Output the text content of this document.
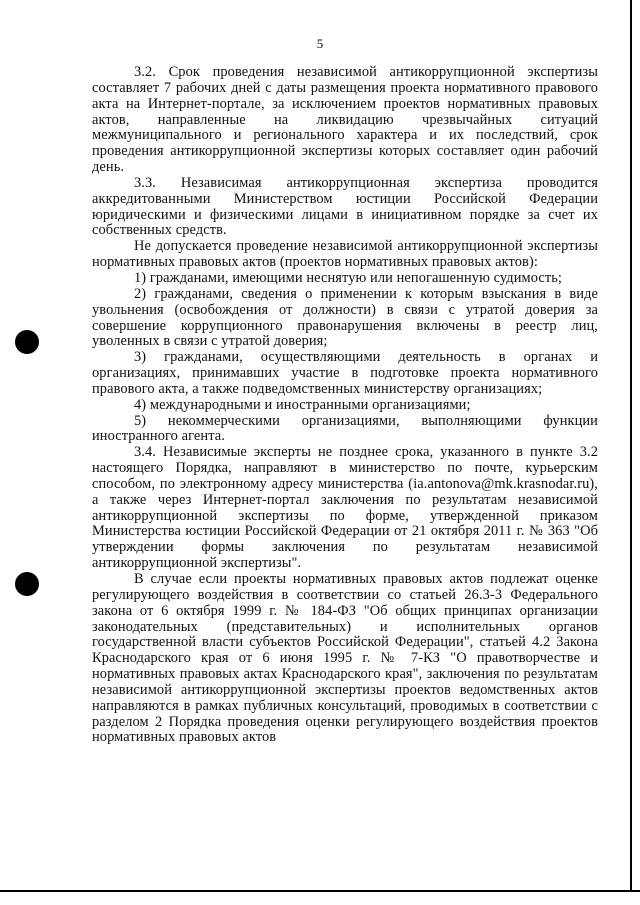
5

3.2. Срок проведения независимой антикоррупционной экспертизы составляет 7 рабочих дней с даты размещения проекта нормативного правового акта на Интернет-портале, за исключением проектов нормативных правовых актов, направленные на ликвидацию чрезвычайных ситуаций межмуниципального и регионального характера и их последствий, срок проведения антикоррупционной экспертизы которых составляет один рабочий день.

3.3. Независимая антикоррупционная экспертиза проводится аккредитованными Министерством юстиции Российской Федерации юридическими и физическими лицами в инициативном порядке за счет их собственных средств.

Не допускается проведение независимой антикоррупционной экспертизы нормативных правовых актов (проектов нормативных правовых актов):

1) гражданами, имеющими неснятую или непогашенную судимость;

2) гражданами, сведения о применении к которым взыскания в виде увольнения (освобождения от должности) в связи с утратой доверия за совершение коррупционного правонарушения включены в реестр лиц, уволенных в связи с утратой доверия;

3) гражданами, осуществляющими деятельность в органах и организациях, принимавших участие в подготовке проекта нормативного правового акта, а также подведомственных министерству организациях;

4) международными и иностранными организациями;

5) некоммерческими организациями, выполняющими функции иностранного агента.

3.4. Независимые эксперты не позднее срока, указанного в пункте 3.2 настоящего Порядка, направляют в министерство по почте, курьерским способом, по электронному адресу министерства (ia.antonova@mk.krasnodar.ru), а также через Интернет-портал заключения по результатам независимой антикоррупционной экспертизы по форме, утвержденной приказом Министерства юстиции Российской Федерации от 21 октября 2011 г. № 363 "Об утверждении формы заключения по результатам независимой антикоррупционной экспертизы".

В случае если проекты нормативных правовых актов подлежат оценке регулирующего воздействия в соответствии со статьей 26.3-3 Федерального закона от 6 октября 1999 г. № 184-ФЗ "Об общих принципах организации законодательных (представительных) и исполнительных органов государственной власти субъектов Российской Федерации", статьей 4.2 Закона Краснодарского края от 6 июня 1995 г. № 7-КЗ "О правотворчестве и нормативных правовых актах Краснодарского края", заключения по результатам независимой антикоррупционной экспертизы проектов ведомственных актов направляются в рамках публичных консультаций, проводимых в соответствии с разделом 2 Порядка проведения оценки регулирующего воздействия проектов нормативных правовых актов
